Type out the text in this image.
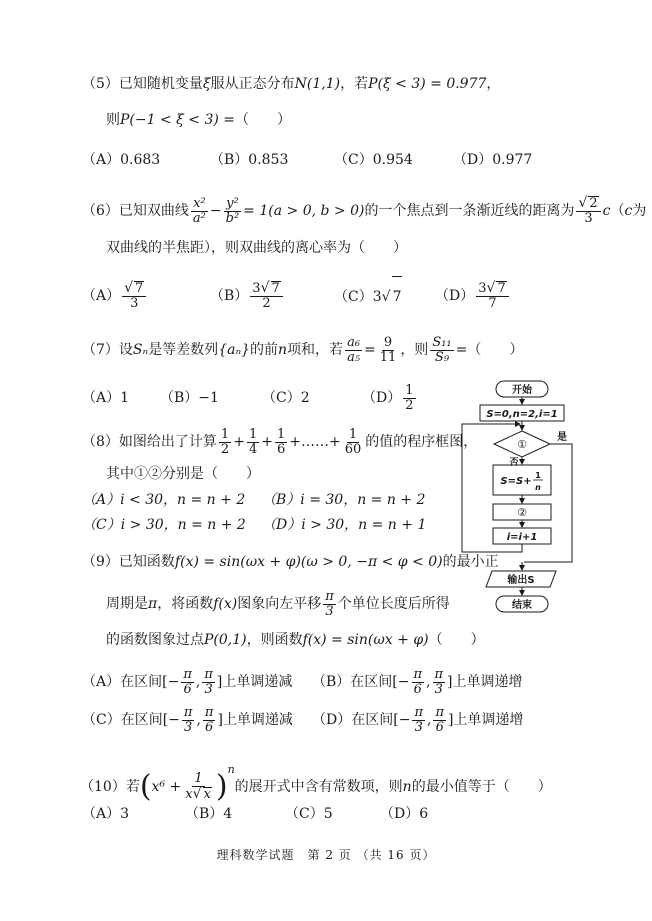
（5）已知随机变量ξ服从正态分布N(1,1)，若P(ξ < 3) = 0.977，
则P(−1 < ξ < 3) =（　　）
（A）0.683	（B）0.853	（C）0.954	（D）0.977
（6）已知双曲线 $\frac{\text{x²}}{\text{a²}} - \frac{\text{y²}}{\text{b²}} = 1(a > 0$, b > 0)的一个焦点到一条渐近线的距离为 $\frac{√ 2}{3} c(c$为
双曲线的半焦距），则双曲线的离心率为（　　）
$(A) \frac{√ 7}{3}$	$(B) \frac{3√ 7}{2}$	（C）3√ 7 $(D) \frac{3√ 7}{7}$
（7）设Sₙ是等差数列{aₙ}的前n项和，若 $\frac{\text{a₆}}{\text{a₅}} = \frac{9}{11}$ ，则 $\frac{\text{S₁₁}}{\text{S₉}}$ =（　　）
（A）1 （B）−1	（C）2	$(D) \frac{1}{2}$
（8）如图给出了计算 $\frac{1}{2} + \frac{1}{4} + \frac{1}{6}$ +……+ $\frac{1}{60}$ 的值的程序框图，
其中①②分别是（　　）
（A）i < 30，n = n + 2 （B）i = 30，n = n + 2
（C）i > 30，n = n + 2 （D）i > 30，n = n + 1
开始
S=0,n=2,i=1
①
是
否
S=S+
1
n
②
i=i+1
输出S
结束
（9）已知函数f(x) = sin(ωx + φ)(ω > 0, −π < φ < 0)的最小正
周期是π，将函数f(x)图象向左平移 $\frac{\pi}{3}$ 个单位长度后所得
的函数图象过点P(0,1)，则函数f(x) = sin(ωx + φ)（　　）
（A）在区间[− $\frac{\pi}{6}$ , $\frac{\pi}{3}$ ]上单调递减 （B）在区间[− $\frac{\pi}{6}$ , $\frac{\pi}{3}$ ]上单调递增
（C）在区间[− $\frac{\pi}{3}$ , $\frac{\pi}{6}$ ]上单调递减 （D）在区间[− $\frac{\pi}{3}$ , $\frac{\pi}{6}$ ]上单调递增
（10）若$(x^6 + \frac{1}{x√ x} )^n$的展开式中含有常数项，则n的最小值等于（　　）
（A）3	（B）4	（C）5	（D）6
理科数学试题　第 2 页 （共 16 页）
